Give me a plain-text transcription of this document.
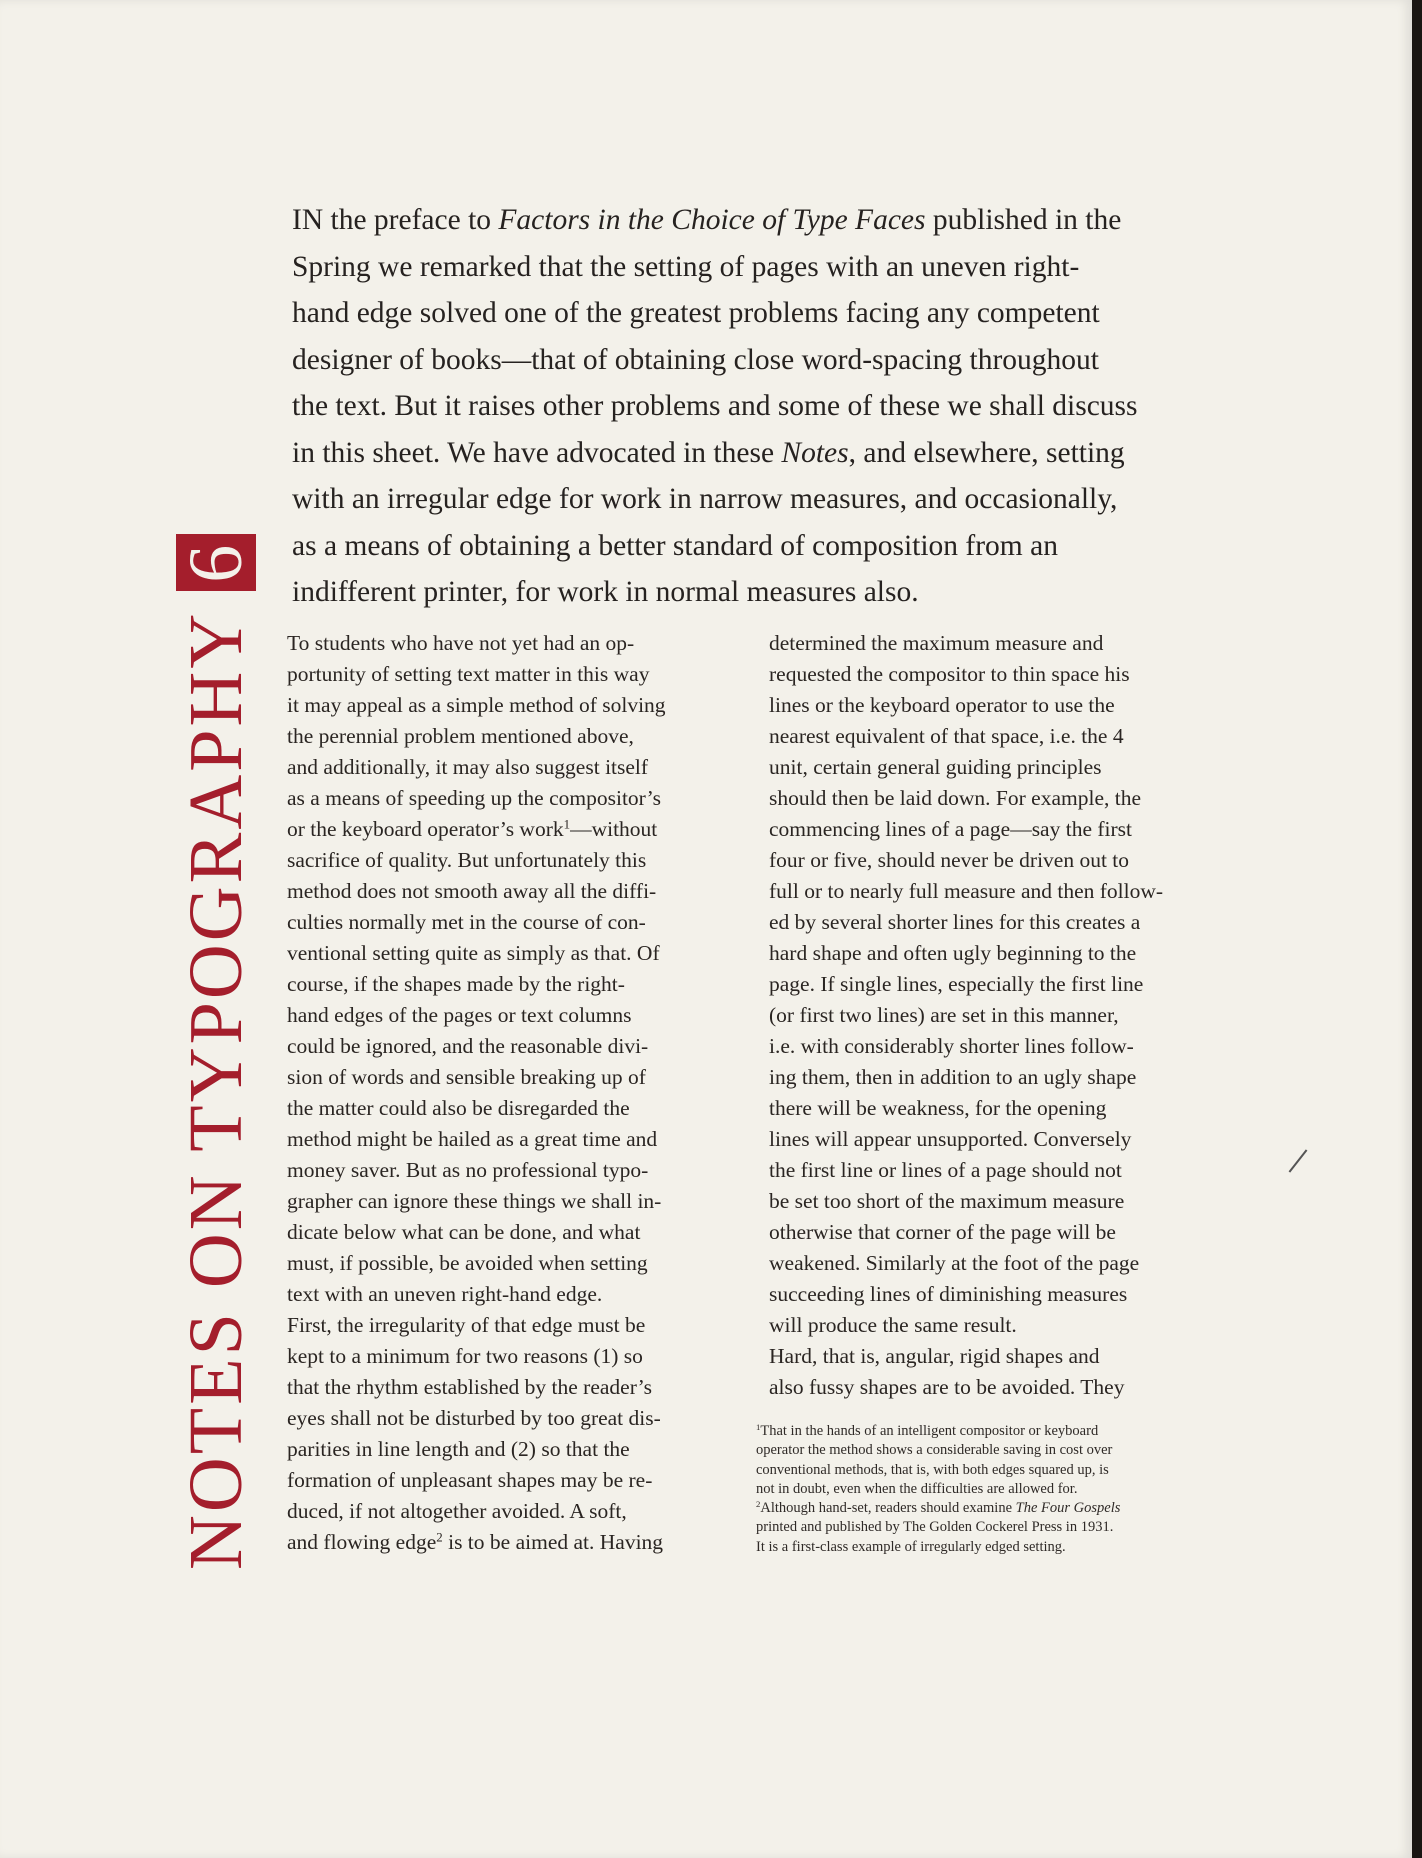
NOTES ON TYPOGRAPHY6

IN the preface to Factors in the Choice of Type Faces published in the
Spring we remarked that the setting of pages with an uneven right-
hand edge solved one of the greatest problems facing any competent
designer of books—that of obtaining close word-spacing throughout
the text. But it raises other problems and some of these we shall discuss
in this sheet. We have advocated in these Notes, and elsewhere, setting
with an irregular edge for work in narrow measures, and occasionally,
as a means of obtaining a better standard of composition from an
indifferent printer, for work in normal measures also.

To students who have not yet had an op-
portunity of setting text matter in this way
it may appeal as a simple method of solving
the perennial problem mentioned above,
and additionally, it may also suggest itself
as a means of speeding up the compositor’s
or the keyboard operator’s work$^1$—without
sacrifice of quality. But unfortunately this
method does not smooth away all the diffi-
culties normally met in the course of con-
ventional setting quite as simply as that. Of
course, if the shapes made by the right-
hand edges of the pages or text columns
could be ignored, and the reasonable divi-
sion of words and sensible breaking up of
the matter could also be disregarded the
method might be hailed as a great time and
money saver. But as no professional typo-
grapher can ignore these things we shall in-
dicate below what can be done, and what
must, if possible, be avoided when setting
text with an uneven right-hand edge.
First, the irregularity of that edge must be
kept to a minimum for two reasons (1) so
that the rhythm established by the reader’s
eyes shall not be disturbed by too great dis-
parities in line length and (2) so that the
formation of unpleasant shapes may be re-
duced, if not altogether avoided. A soft,
and flowing edge$^2$ is to be aimed at. Having
determined the maximum measure and
requested the compositor to thin space his
lines or the keyboard operator to use the
nearest equivalent of that space, i.e. the 4
unit, certain general guiding principles
should then be laid down. For example, the
commencing lines of a page—say the first
four or five, should never be driven out to
full or to nearly full measure and then follow-
ed by several shorter lines for this creates a
hard shape and often ugly beginning to the
page. If single lines, especially the first line
(or first two lines) are set in this manner,
i.e. with considerably shorter lines follow-
ing them, then in addition to an ugly shape
there will be weakness, for the opening
lines will appear unsupported. Conversely
the first line or lines of a page should not
be set too short of the maximum measure
otherwise that corner of the page will be
weakened. Similarly at the foot of the page
succeeding lines of diminishing measures
will produce the same result.
Hard, that is, angular, rigid shapes and
also fussy shapes are to be avoided. They
$^1$That in the hands of an intelligent compositor or keyboard
operator the method shows a considerable saving in cost over
conventional methods, that is, with both edges squared up, is
not in doubt, even when the difficulties are allowed for.
$^2$Although hand-set, readers should examine The Four Gospels
printed and published by The Golden Cockerel Press in 1931.
It is a first-class example of irregularly edged setting.
